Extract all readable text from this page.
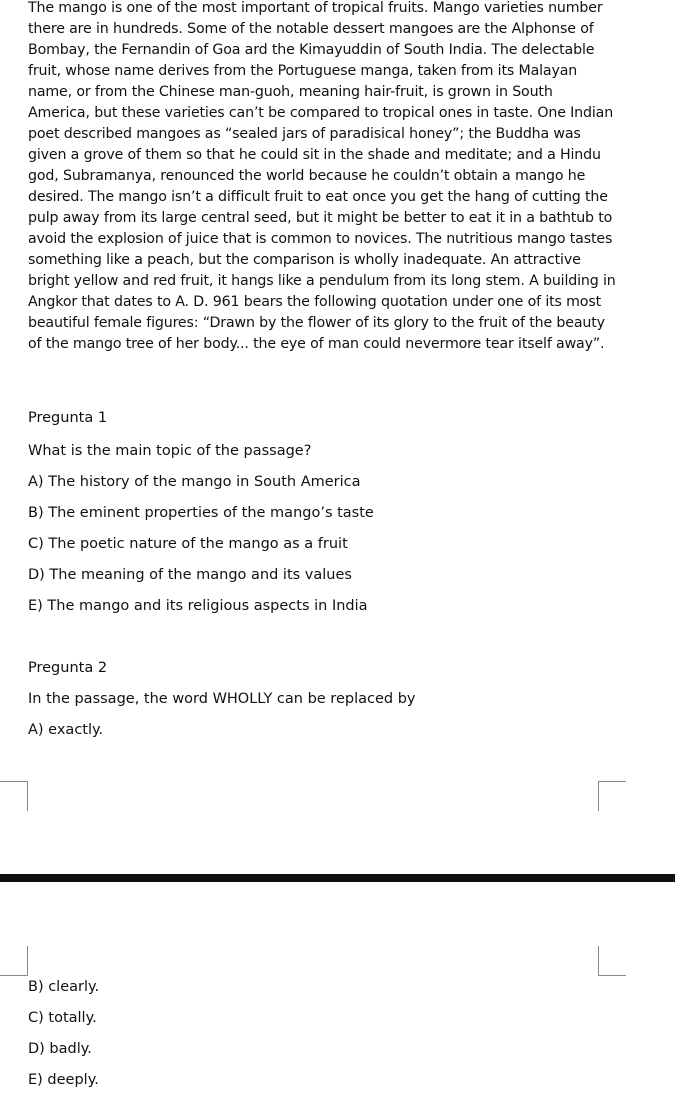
The mango is one of the most important of tropical fruits. Mango varieties number there are in hundreds. Some of the notable dessert mangoes are the Alphonse of Bombay, the Fernandin of Goa ard the Kimayuddin of South India. The delectable fruit, whose name derives from the Portuguese manga, taken from its Malayan name, or from the Chinese man-guoh, meaning hair-fruit, is grown in South America, but these varieties can’t be compared to tropical ones in taste. One Indian poet described mangoes as “sealed jars of paradisical honey”; the Buddha was given a grove of them so that he could sit in the shade and meditate; and a Hindu god, Subramanya, renounced the world because he couldn’t obtain a mango he desired. The mango isn’t a difficult fruit to eat once you get the hang of cutting the pulp away from its large central seed, but it might be better to eat it in a bathtub to avoid the explosion of juice that is common to novices. The nutritious mango tastes something like a peach, but the comparison is wholly inadequate. An attractive bright yellow and red fruit, it hangs like a pendulum from its long stem. A building in Angkor that dates to A. D. 961 bears the following quotation under one of its most beautiful female figures: “Drawn by the flower of its glory to the fruit of the beauty of the mango tree of her body... the eye of man could nevermore tear itself away”.

Pregunta 1
What is the main topic of the passage?
A) The history of the mango in South America
B) The eminent properties of the mango’s taste
C) The poetic nature of the mango as a fruit
D) The meaning of the mango and its values
E) The mango and its religious aspects in India
Pregunta 2
In the passage, the word WHOLLY can be replaced by
A) exactly.
B) clearly.
C) totally.
D) badly.
E) deeply.
